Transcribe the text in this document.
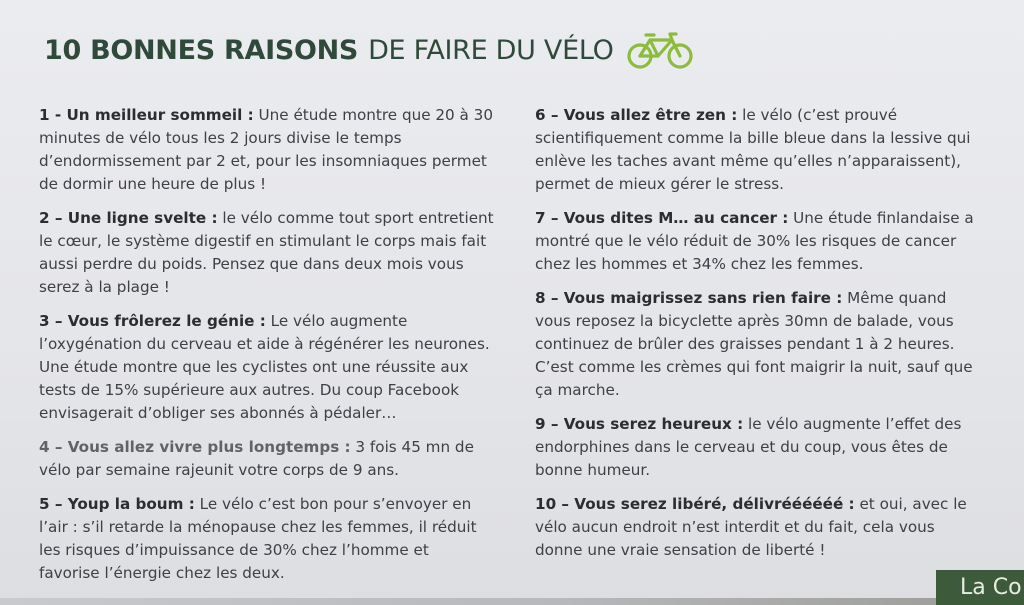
10 BONNES RAISONS DE FAIRE DU VÉLO
1 - Un meilleur sommeil : Une étude montre que 20 à 30 minutes de vélo tous les 2 jours divise le temps d’endormissement par 2 et, pour les insomniaques permet de dormir une heure de plus !
2 – Une ligne svelte : le vélo comme tout sport entretient le cœur, le système digestif en stimulant le corps mais fait aussi perdre du poids. Pensez que dans deux mois vous serez à la plage !
3 – Vous frôlerez le génie : Le vélo augmente l’oxygénation du cerveau et aide à régénérer les neurones. Une étude montre que les cyclistes ont une réussite aux tests de 15% supérieure aux autres. Du coup Facebook envisagerait d’obliger ses abonnés à pédaler…
4 – Vous allez vivre plus longtemps : 3 fois 45 mn de vélo par semaine rajeunit votre corps de 9 ans.
5 – Youp la boum : Le vélo c’est bon pour s’envoyer en l’air : s’il retarde la ménopause chez les femmes, il réduit les risques d’impuissance de 30% chez l’homme et favorise l’énergie chez les deux.
6 – Vous allez être zen : le vélo (c’est prouvé scientifiquement comme la bille bleue dans la lessive qui enlève les taches avant même qu’elles n’apparaissent), permet de mieux gérer le stress.
7 – Vous dites M… au cancer : Une étude finlandaise a montré que le vélo réduit de 30% les risques de cancer chez les hommes et 34% chez les femmes.
8 – Vous maigrissez sans rien faire : Même quand vous reposez la bicyclette après 30mn de balade, vous continuez de brûler des graisses pendant 1 à 2 heures. C’est comme les crèmes qui font maigrir la nuit, sauf que ça marche.
9 – Vous serez heureux : le vélo augmente l’effet des endorphines dans le cerveau et du coup, vous êtes de bonne humeur.
10 – Vous serez libéré, délivréééééé : et oui, avec le vélo aucun endroit n’est interdit et du fait, cela vous donne une vraie sensation de liberté !
La Co
